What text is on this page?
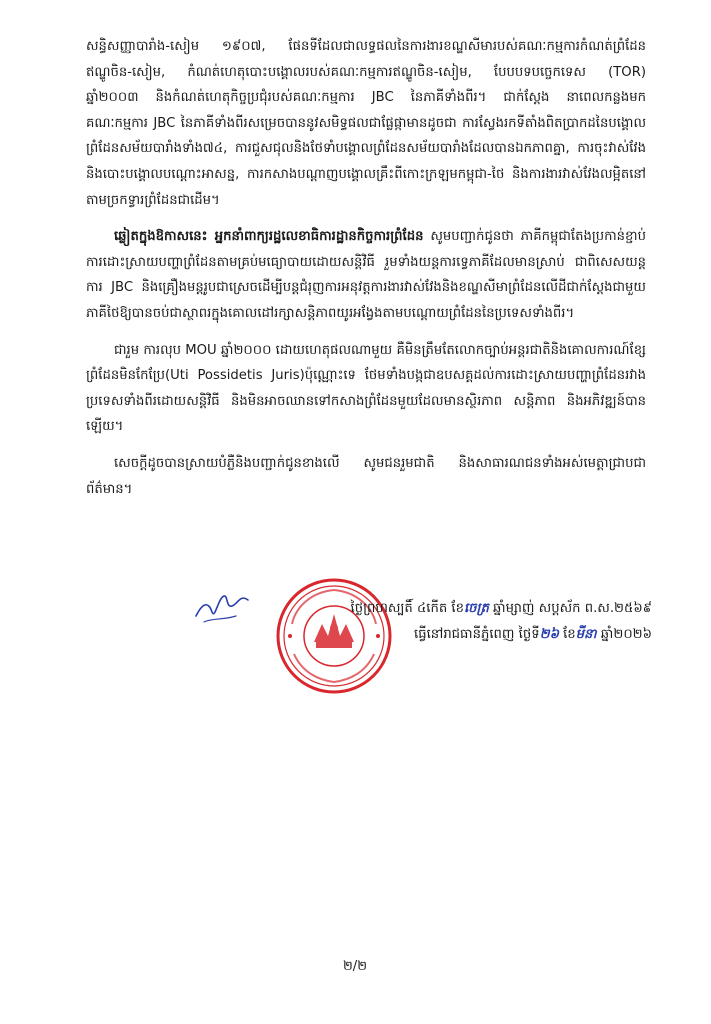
សន្ធិសញ្ញាបារាំង-សៀម ១៩០៧, ផែនទីដែលជាលទ្ធផលនៃការងារខណ្ឌសីមារបស់គណៈកម្មការកំណត់ព្រំដែនឥណ្ឌូចិន-សៀម, កំណត់ហេតុបោះបង្គោលរបស់គណៈកម្មការឥណ្ឌូចិន-សៀម, បែបបទបច្ចេកទេស (TOR) ឆ្នាំ២០០៣ និងកំណត់ហេតុកិច្ចប្រជុំរបស់គណៈកម្មការ JBC នៃភាគីទាំងពីរ។ ជាក់ស្តែង នាពេលកន្លងមក គណៈកម្មការ JBC នៃភាគីទាំងពីរសម្រេចបាននូវសមិទ្ធផលជាផ្លែផ្កាមានដូចជា ការស្វែងរកទីតាំងពិតប្រាកដនៃបង្គោលព្រំដែនសម័យបារាំងទាំង៧៤, ការជួសជុលនិងថែទាំបង្គោលព្រំដែនសម័យបារាំងដែលបានឯកភាពគ្នា, ការចុះវាស់វែងនិងបោះបង្គោលបណ្តោះអាសន្ន, ការកសាងបណ្តាញបង្គោលគ្រឹះពីកោះក្រឡមកម្ពុជា-ថៃ និងការងារវាស់វែងលម្អិតនៅតាមច្រកទ្វារព្រំដែនជាដើម។

ឆ្លៀតក្នុងឱកាសនេះ អ្នកនាំពាក្យរដ្ឋលេខាធិការដ្ឋានកិច្ចការព្រំដែន សូមបញ្ជាក់ជូនថា ភាគីកម្ពុជាតែងប្រកាន់ខ្ជាប់ការដោះស្រាយបញ្ហាព្រំដែនតាមគ្រប់មធ្យោបាយដោយសន្តិវិធី រួមទាំងយន្តការទ្វេភាគីដែលមានស្រាប់ ជាពិសេសយន្តការ JBC និងគ្រឿងមន្តរូបជាស្រេចដើម្បីបន្តជំរុញការអនុវត្តការងារវាស់វែងនិងខណ្ឌសីមាព្រំដែនលើដីជាក់ស្តែងជាមួយភាគីថៃឱ្យបានចប់ជាស្ថាពរក្នុងគោលដៅរក្សាសន្តិភាពយូរអង្វែងតាមបណ្តោយព្រំដែននៃប្រទេសទាំងពីរ។

ជារួម ការលុប MOU ឆ្នាំ២០០០ ដោយហេតុផលណាមួយ គឺមិនត្រឹមតែលោកច្បាប់អន្តរជាតិនិងគោលការណ៍ខ្សែព្រំដែនមិនកែប្រែ(Uti Possidetis Juris)ប៉ុណ្ណោះទេ ថែមទាំងបង្កជាឧបសគ្គដល់ការដោះស្រាយបញ្ហាព្រំដែនរវាងប្រទេសទាំងពីរដោយសន្តិវិធី និងមិនអាចឈានទៅកសាងព្រំដែនមួយដែលមានស្ថិរភាព សន្តិភាព និងអភិវឌ្ឍន៍បានឡើយ។

សេចក្តីដូចបានស្រាយបំភ្លឺនិងបញ្ជាក់ជូនខាងលើ សូមជនរួមជាតិ និងសាធារណជនទាំងអស់មេត្តាជ្រាបជាព័ត៌មាន។

ថ្ងៃព្រហស្បតិ៍ ៤កើត ខែចេត្រ ឆ្នាំម្សាញ់ សប្តស័ក ព.ស.២៥៦៩
ធ្វើនៅរាជធានីភ្នំពេញ ថ្ងៃទី២៦ ខែមីនា ឆ្នាំ២០២៦
២/២
